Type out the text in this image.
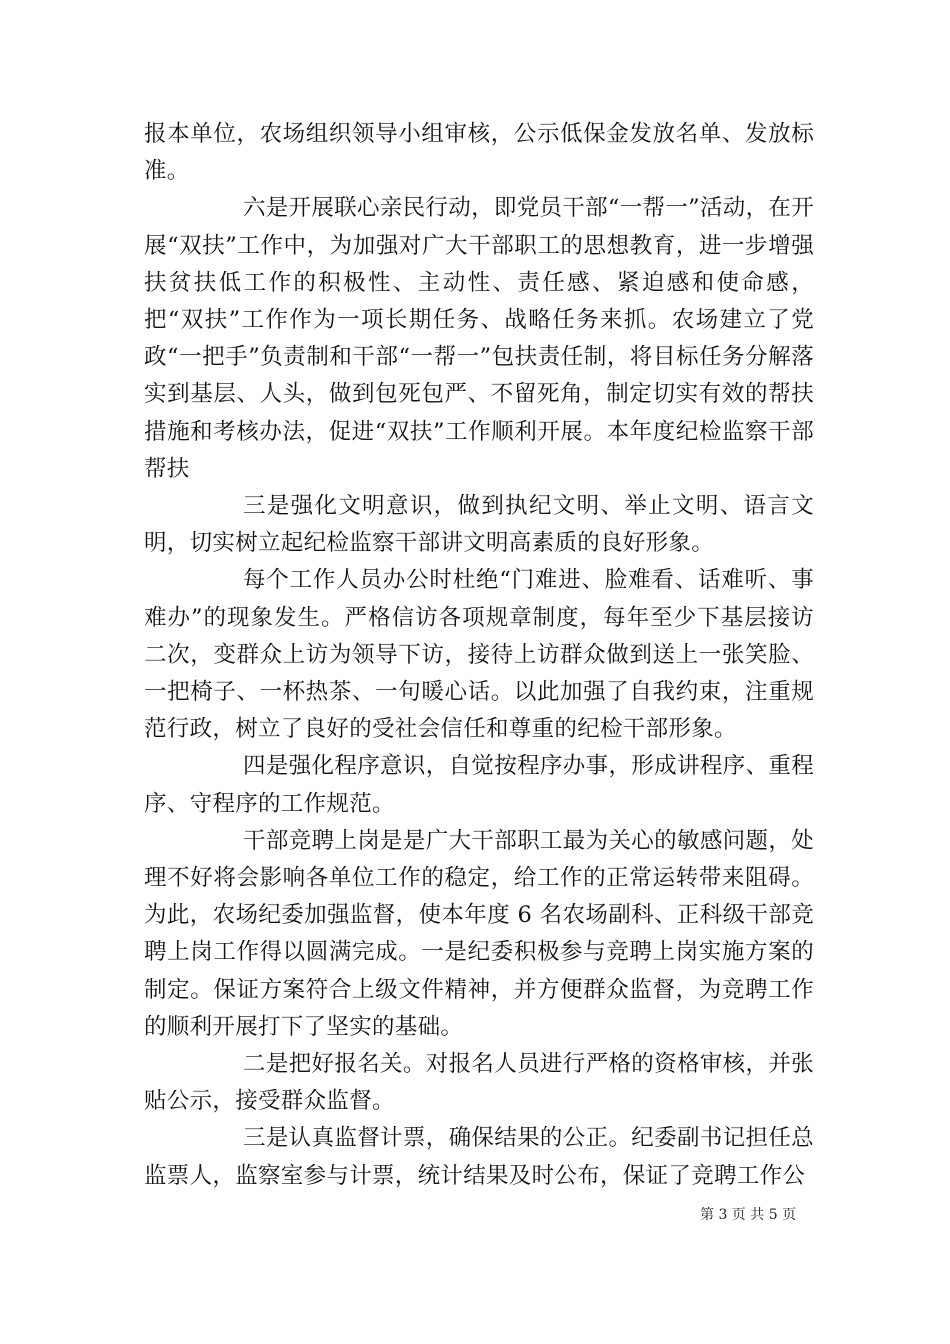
报本单位，农场组织领导小组审核，公示低保金发放名单、发放标准。

六是开展联心亲民行动，即党员干部“一帮一”活动，在开展“双扶”工作中，为加强对广大干部职工的思想教育，进一步增强扶贫扶低工作的积极性、主动性、责任感、紧迫感和使命感，把“双扶”工作作为一项长期任务、战略任务来抓。农场建立了党政“一把手”负责制和干部“一帮一”包扶责任制，将目标任务分解落实到基层、人头，做到包死包严、不留死角，制定切实有效的帮扶措施和考核办法，促进“双扶”工作顺利开展。本年度纪检监察干部帮扶

三是强化文明意识，做到执纪文明、举止文明、语言文明，切实树立起纪检监察干部讲文明高素质的良好形象。

每个工作人员办公时杜绝“门难进、脸难看、话难听、事难办”的现象发生。严格信访各项规章制度，每年至少下基层接访二次，变群众上访为领导下访，接待上访群众做到送上一张笑脸、一把椅子、一杯热茶、一句暖心话。以此加强了自我约束，注重规范行政，树立了良好的受社会信任和尊重的纪检干部形象。

四是强化程序意识，自觉按程序办事，形成讲程序、重程序、守程序的工作规范。

干部竞聘上岗是是广大干部职工最为关心的敏感问题，处理不好将会影响各单位工作的稳定，给工作的正常运转带来阻碍。为此，农场纪委加强监督，使本年度 6 名农场副科、正科级干部竞聘上岗工作得以圆满完成。一是纪委积极参与竞聘上岗实施方案的制定。保证方案符合上级文件精神，并方便群众监督，为竞聘工作的顺利开展打下了坚实的基础。

二是把好报名关。对报名人员进行严格的资格审核，并张贴公示，接受群众监督。

三是认真监督计票，确保结果的公正。纪委副书记担任总监票人，监察室参与计票，统计结果及时公布，保证了竞聘工作公

第 3 页 共 5 页
